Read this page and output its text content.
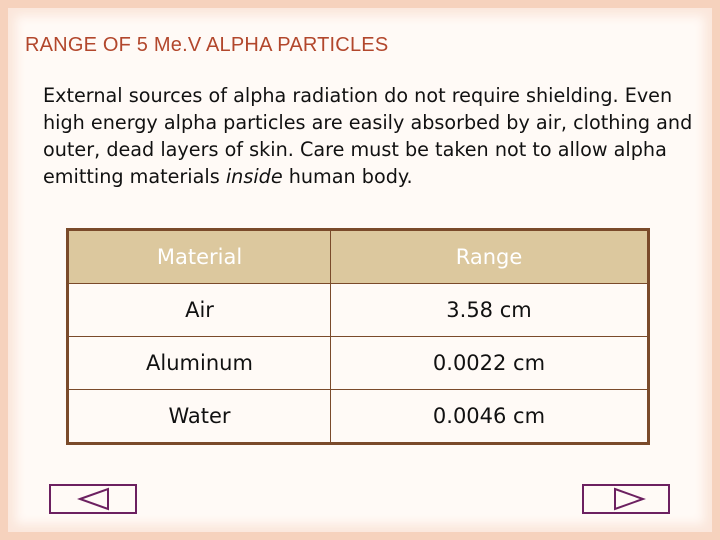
RANGE OF 5 Me.V ALPHA PARTICLES

External sources of alpha radiation do not require shielding. Even high energy alpha particles are easily absorbed by air, clothing and outer, dead layers of skin. Care must be taken not to allow alpha emitting materials inside human body.

Material	Range
Air	3.58 cm
Aluminum	0.0022 cm
Water	0.0046 cm
